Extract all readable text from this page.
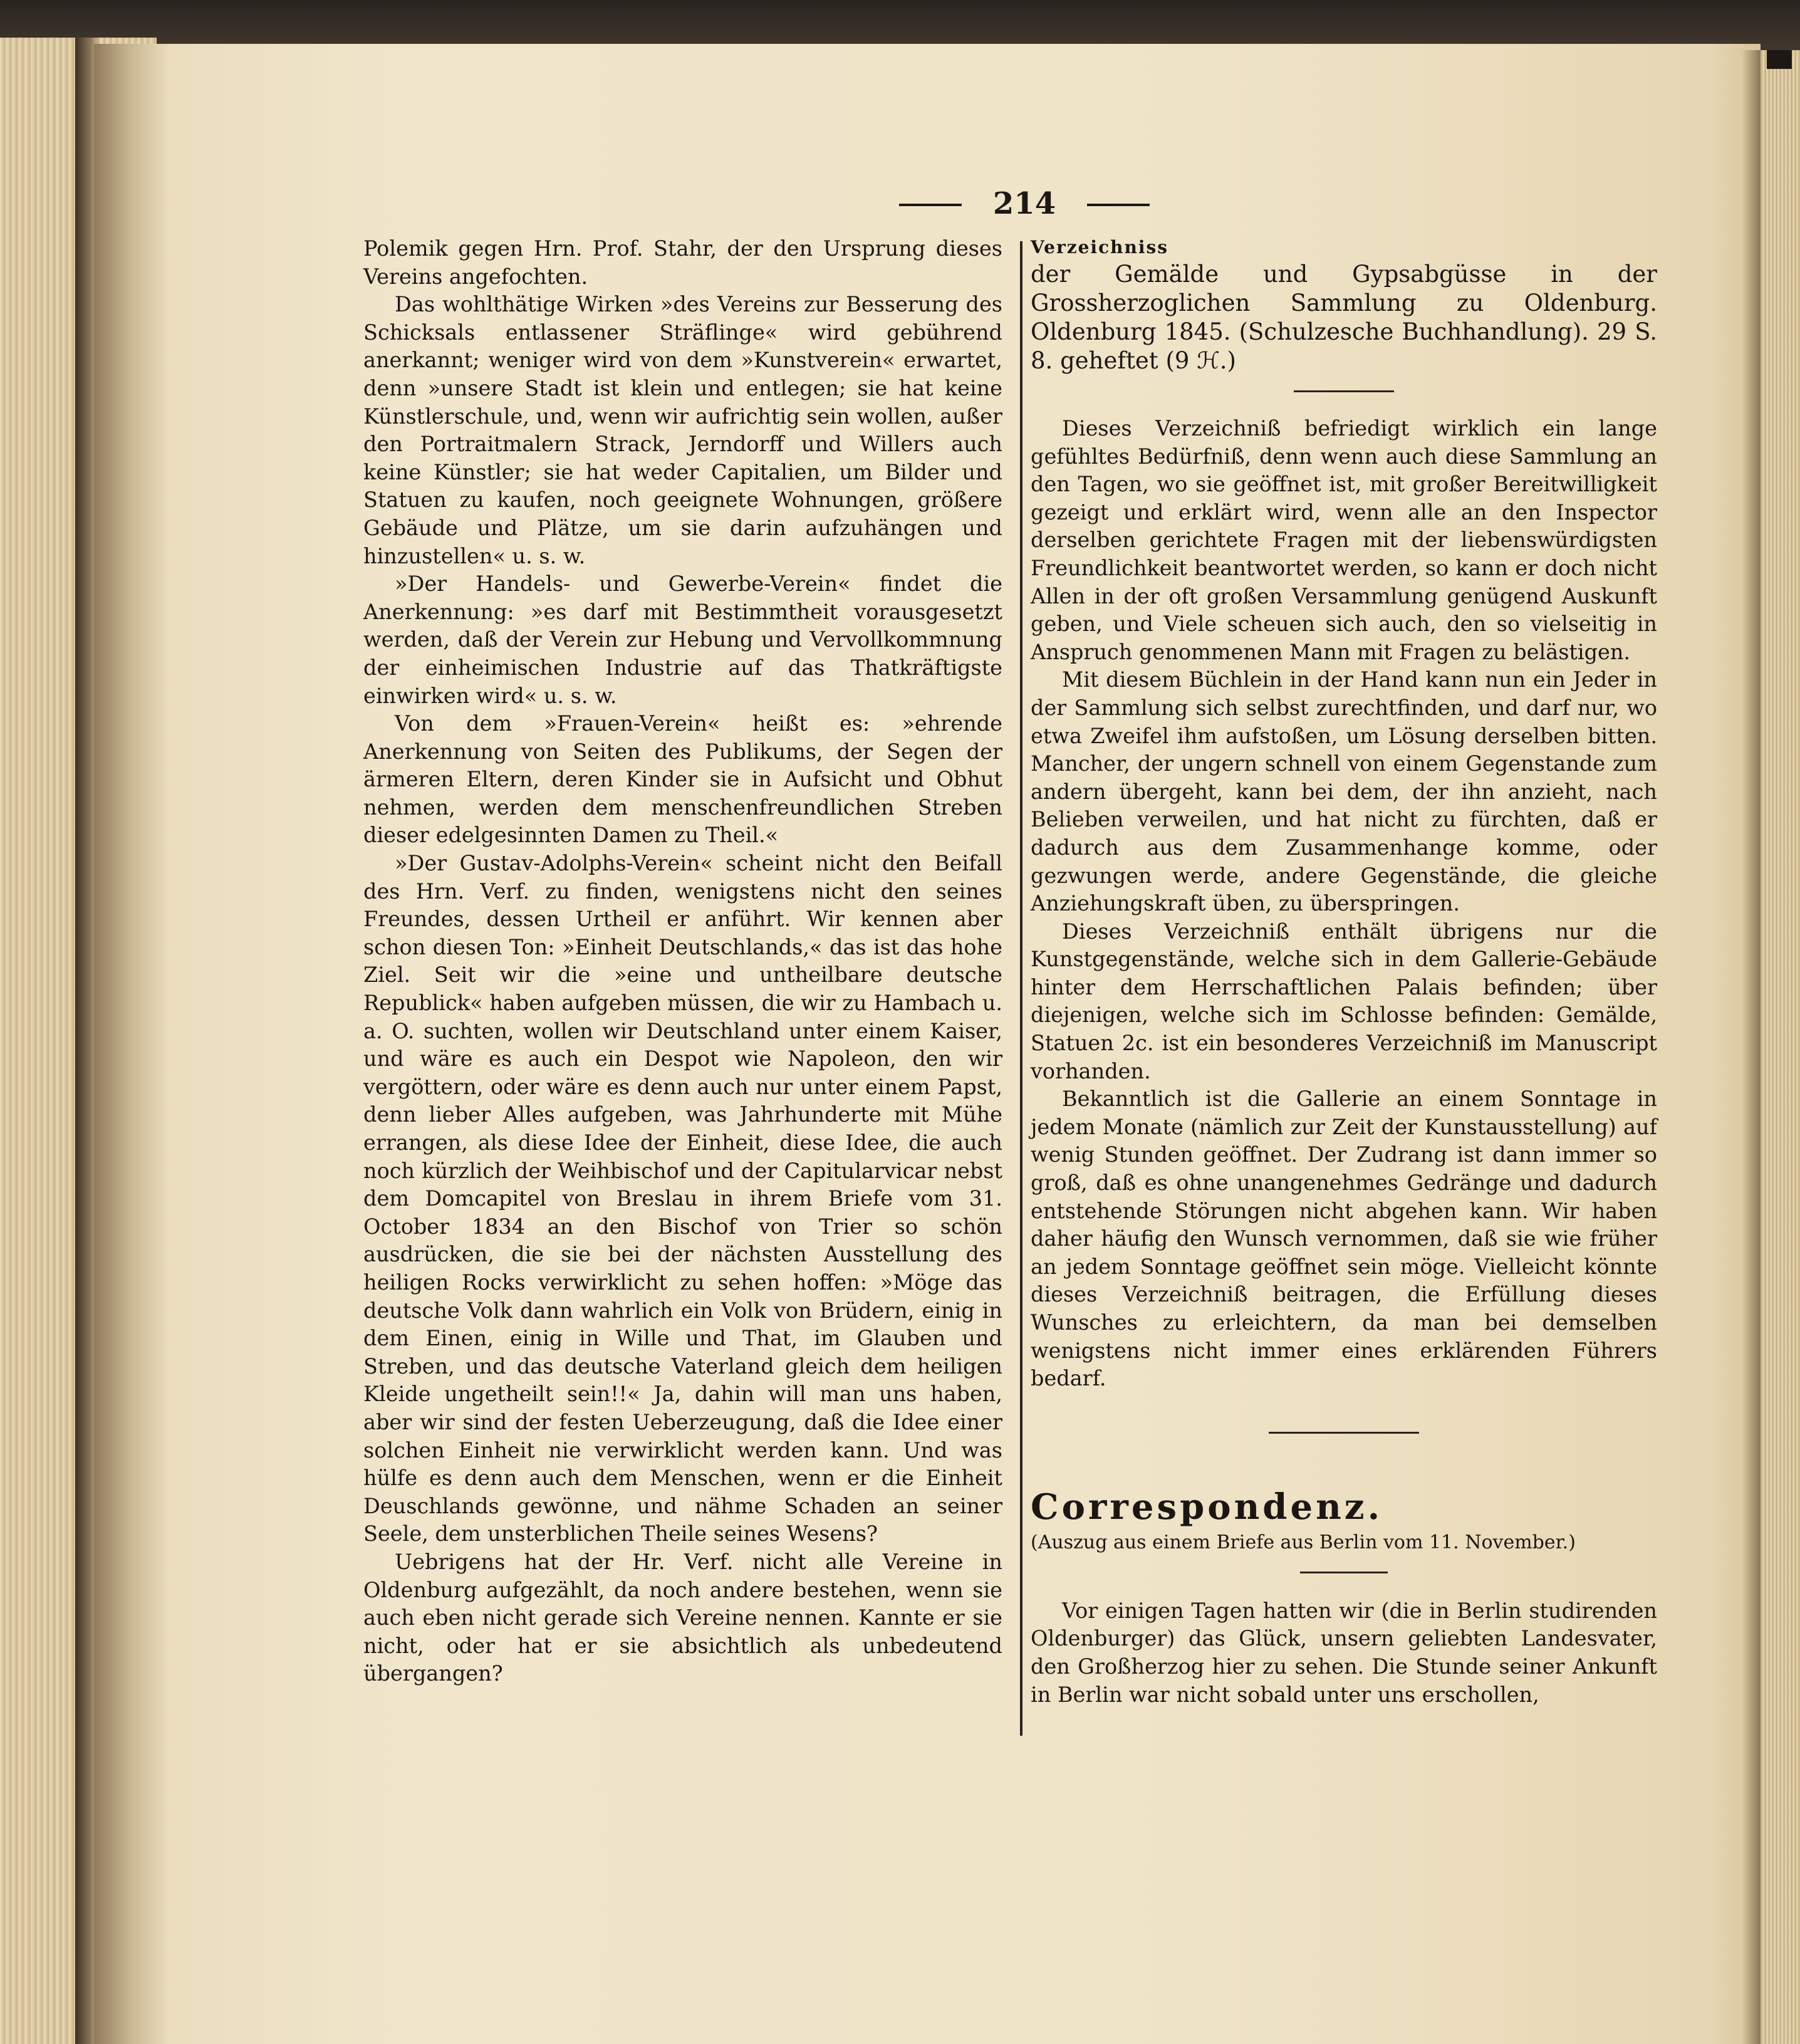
214

Polemik gegen Hrn. Prof. Stahr, der den Ursprung dieses Vereins angefochten.

Das wohlthätige Wirken »des Vereins zur Besserung des Schicksals entlassener Sträflinge« wird gebührend anerkannt; weniger wird von dem »Kunstverein« erwartet, denn »unsere Stadt ist klein und entlegen; sie hat keine Künstlerschule, und, wenn wir aufrichtig sein wollen, außer den Portraitmalern Strack, Jerndorff und Willers auch keine Künstler; sie hat weder Capitalien, um Bilder und Statuen zu kaufen, noch geeignete Wohnungen, größere Gebäude und Plätze, um sie darin aufzuhängen und hinzustellen« u. s. w.

»Der Handels- und Gewerbe-Verein« findet die Anerkennung: »es darf mit Bestimmtheit vorausgesetzt werden, daß der Verein zur Hebung und Vervollkommnung der einheimischen Industrie auf das Thatkräftigste einwirken wird« u. s. w.

Von dem »Frauen-Verein« heißt es: »ehrende Anerkennung von Seiten des Publikums, der Segen der ärmeren Eltern, deren Kinder sie in Aufsicht und Obhut nehmen, werden dem menschenfreundlichen Streben dieser edelgesinnten Damen zu Theil.«

»Der Gustav-Adolphs-Verein« scheint nicht den Beifall des Hrn. Verf. zu finden, wenigstens nicht den seines Freundes, dessen Urtheil er anführt. Wir kennen aber schon diesen Ton: »Einheit Deutschlands,« das ist das hohe Ziel. Seit wir die »eine und untheilbare deutsche Republick« haben aufgeben müssen, die wir zu Hambach u. a. O. suchten, wollen wir Deutschland unter einem Kaiser, und wäre es auch ein Despot wie Napoleon, den wir vergöttern, oder wäre es denn auch nur unter einem Papst, denn lieber Alles aufgeben, was Jahrhunderte mit Mühe errangen, als diese Idee der Einheit, diese Idee, die auch noch kürzlich der Weihbischof und der Capitularvicar nebst dem Domcapitel von Breslau in ihrem Briefe vom 31. October 1834 an den Bischof von Trier so schön ausdrücken, die sie bei der nächsten Ausstellung des heiligen Rocks verwirklicht zu sehen hoffen: »Möge das deutsche Volk dann wahrlich ein Volk von Brüdern, einig in dem Einen, einig in Wille und That, im Glauben und Streben, und das deutsche Vaterland gleich dem heiligen Kleide ungetheilt sein!!« Ja, dahin will man uns haben, aber wir sind der festen Ueberzeugung, daß die Idee einer solchen Einheit nie verwirklicht werden kann. Und was hülfe es denn auch dem Menschen, wenn er die Einheit Deuschlands gewönne, und nähme Schaden an seiner Seele, dem unsterblichen Theile seines Wesens?

Uebrigens hat der Hr. Verf. nicht alle Vereine in Oldenburg aufgezählt, da noch andere bestehen, wenn sie auch eben nicht gerade sich Vereine nennen. Kannte er sie nicht, oder hat er sie absichtlich als unbedeutend übergangen?

Verzeichniss

der Gemälde und Gypsabgüsse in der Grossherzoglichen Sammlung zu Oldenburg. Oldenburg 1845. (Schulzesche Buchhandlung). 29 S. 8. geheftet (9 ℋ.)

Dieses Verzeichniß befriedigt wirklich ein lange gefühltes Bedürfniß, denn wenn auch diese Sammlung an den Tagen, wo sie geöffnet ist, mit großer Bereitwilligkeit gezeigt und erklärt wird, wenn alle an den Inspector derselben gerichtete Fragen mit der liebenswürdigsten Freundlichkeit beantwortet werden, so kann er doch nicht Allen in der oft großen Versammlung genügend Auskunft geben, und Viele scheuen sich auch, den so vielseitig in Anspruch genommenen Mann mit Fragen zu belästigen.

Mit diesem Büchlein in der Hand kann nun ein Jeder in der Sammlung sich selbst zurechtfinden, und darf nur, wo etwa Zweifel ihm aufstoßen, um Lösung derselben bitten. Mancher, der ungern schnell von einem Gegenstande zum andern übergeht, kann bei dem, der ihn anzieht, nach Belieben verweilen, und hat nicht zu fürchten, daß er dadurch aus dem Zusammenhange komme, oder gezwungen werde, andere Gegenstände, die gleiche Anziehungskraft üben, zu überspringen.

Dieses Verzeichniß enthält übrigens nur die Kunstgegenstände, welche sich in dem Gallerie-Gebäude hinter dem Herrschaftlichen Palais befinden; über diejenigen, welche sich im Schlosse befinden: Gemälde, Statuen 2c. ist ein besonderes Verzeichniß im Manuscript vorhanden.

Bekanntlich ist die Gallerie an einem Sonntage in jedem Monate (nämlich zur Zeit der Kunstausstellung) auf wenig Stunden geöffnet. Der Zudrang ist dann immer so groß, daß es ohne unangenehmes Gedränge und dadurch entstehende Störungen nicht abgehen kann. Wir haben daher häufig den Wunsch vernommen, daß sie wie früher an jedem Sonntage geöffnet sein möge. Vielleicht könnte dieses Verzeichniß beitragen, die Erfüllung dieses Wunsches zu erleichtern, da man bei demselben wenigstens nicht immer eines erklärenden Führers bedarf.

Correspondenz.

(Auszug aus einem Briefe aus Berlin vom 11. November.)

Vor einigen Tagen hatten wir (die in Berlin studirenden Oldenburger) das Glück, unsern geliebten Landesvater, den Großherzog hier zu sehen. Die Stunde seiner Ankunft in Berlin war nicht sobald unter uns erschollen,
